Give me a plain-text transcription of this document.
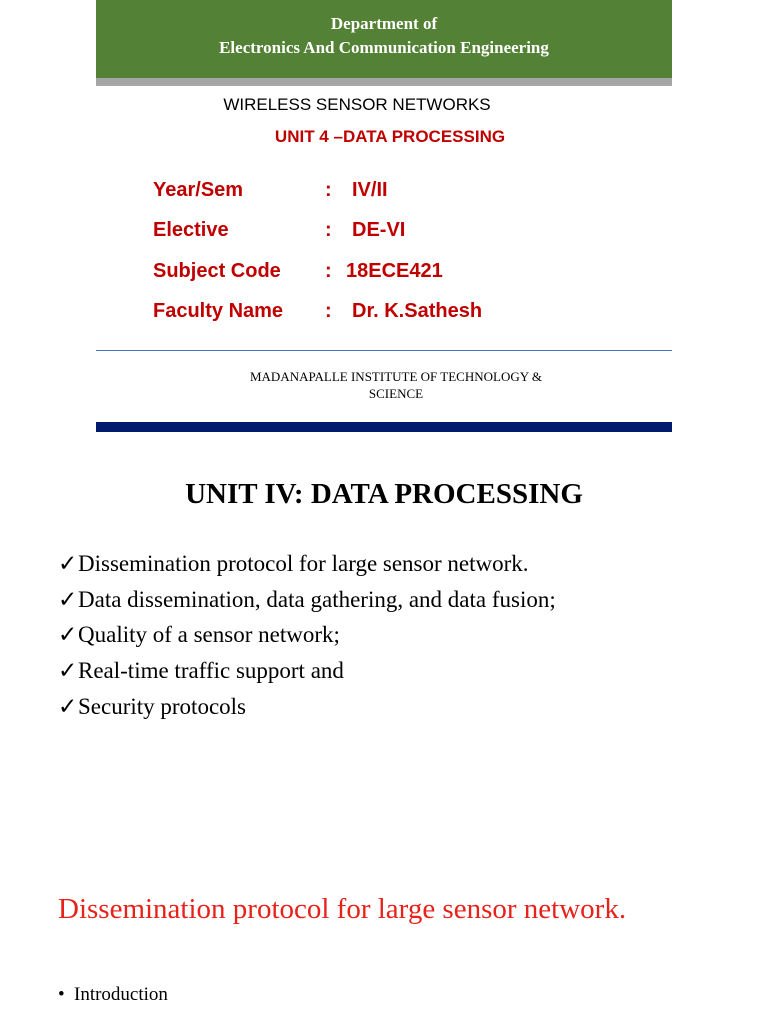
Department of
Electronics And Communication Engineering
WIRELESS SENSOR NETWORKS
UNIT 4 –DATA PROCESSING
Year/Sem	: IV/II
Elective	: DE-VI
Subject Code : 18ECE421
Faculty Name : Dr. K.Sathesh
MADANAPALLE INSTITUTE OF TECHNOLOGY &
SCIENCE
UNIT IV: DATA PROCESSING
✓Dissemination protocol for large sensor network.
✓Data dissemination, data gathering, and data fusion;
✓Quality of a sensor network;
✓Real-time traffic support and
✓Security protocols
Dissemination protocol for large sensor network.
• Introduction
